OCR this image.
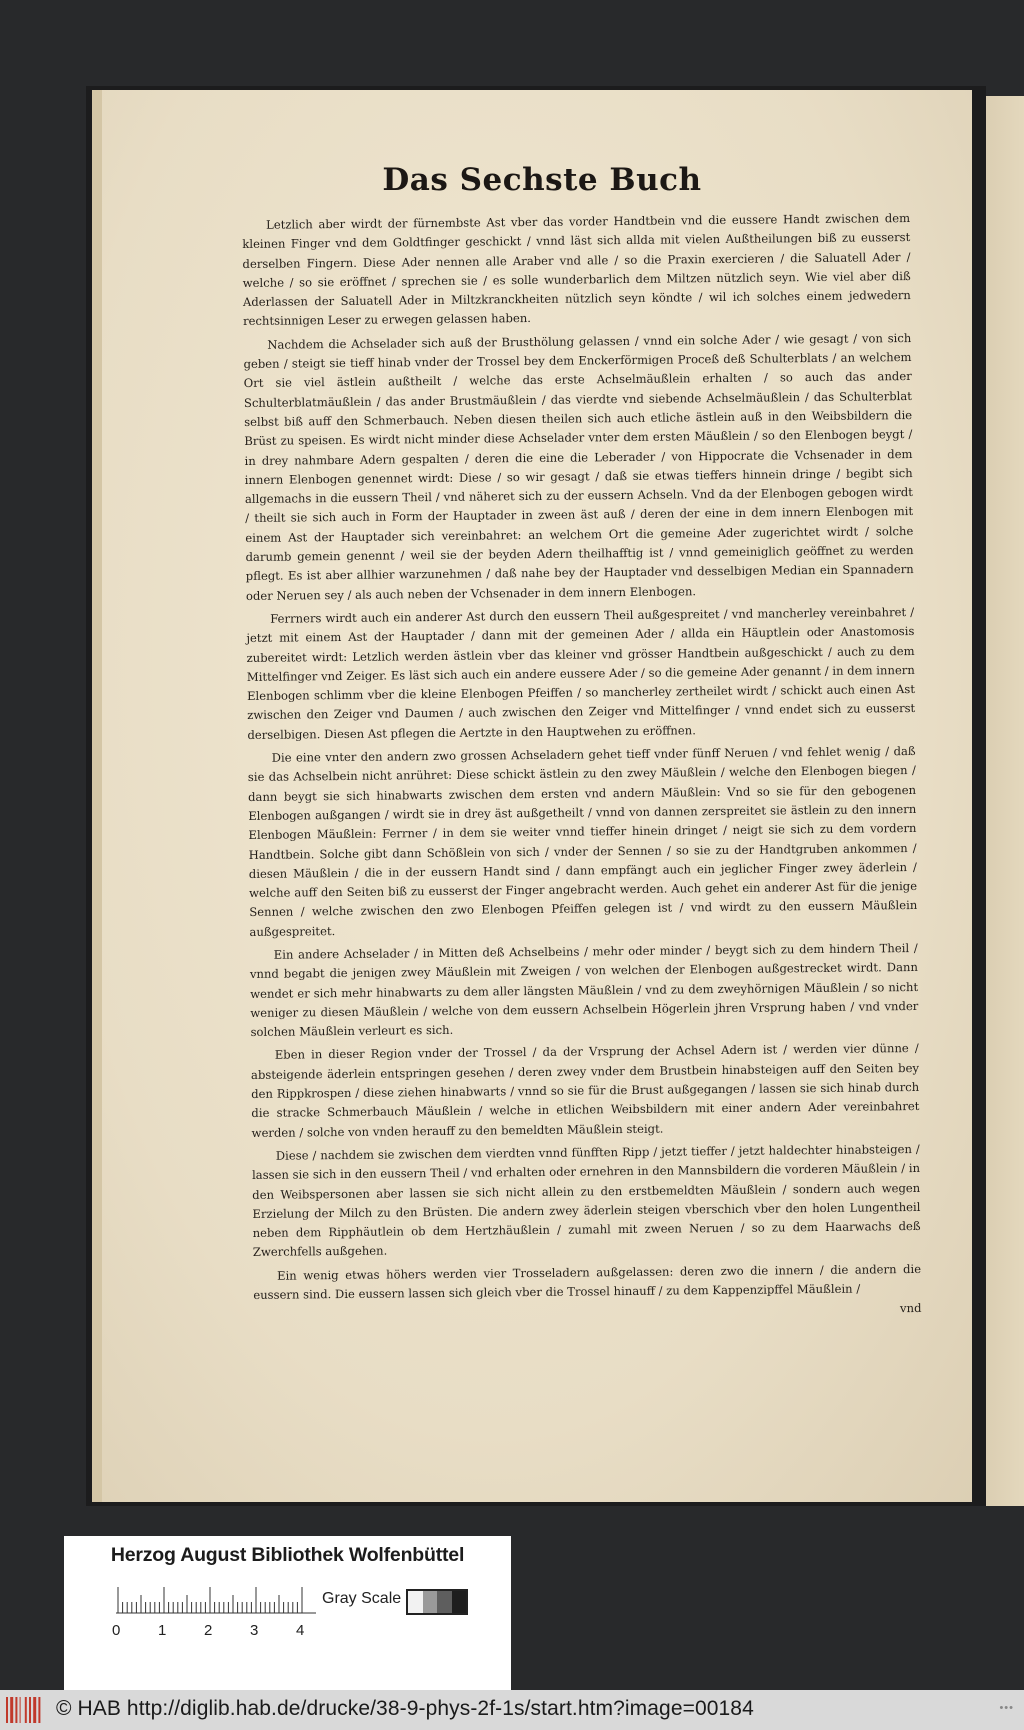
Das Sechste Buch

Letzlich aber wirdt der fürnembste Ast vber das vorder Handtbein vnd die eussere Handt zwischen dem kleinen Finger vnd dem Goldtfinger geschickt / vnnd läst sich allda mit vielen Außtheilungen biß zu eusserst derselben Fingern. Diese Ader nennen alle Araber vnd alle / so die Praxin exercieren / die Saluatell Ader / welche / so sie eröffnet / sprechen sie / es solle wunderbarlich dem Miltzen nützlich seyn. Wie viel aber diß Aderlassen der Saluatell Ader in Miltzkranckheiten nützlich seyn köndte / wil ich solches einem jedwedern rechtsinnigen Leser zu erwegen gelassen haben.

Nachdem die Achselader sich auß der Brusthölung gelassen / vnnd ein solche Ader / wie gesagt / von sich geben / steigt sie tieff hinab vnder der Trossel bey dem Enckerförmigen Proceß deß Schulterblats / an welchem Ort sie viel ästlein außtheilt / welche das erste Achselmäußlein erhalten / so auch das ander Schulterblatmäußlein / das ander Brustmäußlein / das vierdte vnd siebende Achselmäußlein / das Schulterblat selbst biß auff den Schmerbauch. Neben diesen theilen sich auch etliche ästlein auß in den Weibsbildern die Brüst zu speisen. Es wirdt nicht minder diese Achselader vnter dem ersten Mäußlein / so den Elenbogen beygt / in drey nahmbare Adern gespalten / deren die eine die Leberader / von Hippocrate die Vchsenader in dem innern Elenbogen genennet wirdt: Diese / so wir gesagt / daß sie etwas tieffers hinnein dringe / begibt sich allgemachs in die eussern Theil / vnd näheret sich zu der eussern Achseln. Vnd da der Elenbogen gebogen wirdt / theilt sie sich auch in Form der Hauptader in zween äst auß / deren der eine in dem innern Elenbogen mit einem Ast der Hauptader sich vereinbahret: an welchem Ort die gemeine Ader zugerichtet wirdt / solche darumb gemein genennt / weil sie der beyden Adern theilhafftig ist / vnnd gemeiniglich geöffnet zu werden pflegt. Es ist aber allhier warzunehmen / daß nahe bey der Hauptader vnd desselbigen Median ein Spannadern oder Neruen sey / als auch neben der Vchsenader in dem innern Elenbogen.

Ferrners wirdt auch ein anderer Ast durch den eussern Theil außgespreitet / vnd mancherley vereinbahret / jetzt mit einem Ast der Hauptader / dann mit der gemeinen Ader / allda ein Häuptlein oder Anastomosis zubereitet wirdt: Letzlich werden ästlein vber das kleiner vnd grösser Handtbein außgeschickt / auch zu dem Mittelfinger vnd Zeiger. Es läst sich auch ein andere eussere Ader / so die gemeine Ader genannt / in dem innern Elenbogen schlimm vber die kleine Elenbogen Pfeiffen / so mancherley zertheilet wirdt / schickt auch einen Ast zwischen den Zeiger vnd Daumen / auch zwischen den Zeiger vnd Mittelfinger / vnnd endet sich zu eusserst derselbigen. Diesen Ast pflegen die Aertzte in den Hauptwehen zu eröffnen.

Die eine vnter den andern zwo grossen Achseladern gehet tieff vnder fünff Neruen / vnd fehlet wenig / daß sie das Achselbein nicht anrühret: Diese schickt ästlein zu den zwey Mäußlein / welche den Elenbogen biegen / dann beygt sie sich hinabwarts zwischen dem ersten vnd andern Mäußlein: Vnd so sie für den gebogenen Elenbogen außgangen / wirdt sie in drey äst außgetheilt / vnnd von dannen zerspreitet sie ästlein zu den innern Elenbogen Mäußlein: Ferrner / in dem sie weiter vnnd tieffer hinein dringet / neigt sie sich zu dem vordern Handtbein. Solche gibt dann Schößlein von sich / vnder der Sennen / so sie zu der Handtgruben ankommen / diesen Mäußlein / die in der eussern Handt sind / dann empfängt auch ein jeglicher Finger zwey äderlein / welche auff den Seiten biß zu eusserst der Finger angebracht werden. Auch gehet ein anderer Ast für die jenige Sennen / welche zwischen den zwo Elenbogen Pfeiffen gelegen ist / vnd wirdt zu den eussern Mäußlein außgespreitet.

Ein andere Achselader / in Mitten deß Achselbeins / mehr oder minder / beygt sich zu dem hindern Theil / vnnd begabt die jenigen zwey Mäußlein mit Zweigen / von welchen der Elenbogen außgestrecket wirdt. Dann wendet er sich mehr hinabwarts zu dem aller längsten Mäußlein / vnd zu dem zweyhörnigen Mäußlein / so nicht weniger zu diesen Mäußlein / welche von dem eussern Achselbein Högerlein jhren Vrsprung haben / vnd vnder solchen Mäußlein verleurt es sich.

Eben in dieser Region vnder der Trossel / da der Vrsprung der Achsel Adern ist / werden vier dünne / absteigende äderlein entspringen gesehen / deren zwey vnder dem Brustbein hinabsteigen auff den Seiten bey den Rippkrospen / diese ziehen hinabwarts / vnnd so sie für die Brust außgegangen / lassen sie sich hinab durch die stracke Schmerbauch Mäußlein / welche in etlichen Weibsbildern mit einer andern Ader vereinbahret werden / solche von vnden herauff zu den bemeldten Mäußlein steigt.

Diese / nachdem sie zwischen dem vierdten vnnd fünfften Ripp / jetzt tieffer / jetzt haldechter hinabsteigen / lassen sie sich in den eussern Theil / vnd erhalten oder ernehren in den Mannsbildern die vorderen Mäußlein / in den Weibspersonen aber lassen sie sich nicht allein zu den erstbemeldten Mäußlein / sondern auch wegen Erzielung der Milch zu den Brüsten. Die andern zwey äderlein steigen vberschich vber den holen Lungentheil neben dem Ripphäutlein ob dem Hertzhäußlein / zumahl mit zween Neruen / so zu dem Haarwachs deß Zwerchfells außgehen.

Ein wenig etwas höhers werden vier Trosseladern außgelassen: deren zwo die innern / die andern die eussern sind. Die eussern lassen sich gleich vber die Trossel hinauff / zu dem Kappenzipffel Mäußlein /

vnd
Herzog August Bibliothek Wolfenbüttel
0	1	2	3	4
Gray Scale
© HAB http://diglib.hab.de/drucke/38-9-phys-2f-1s/start.htm?image=00184	•••
